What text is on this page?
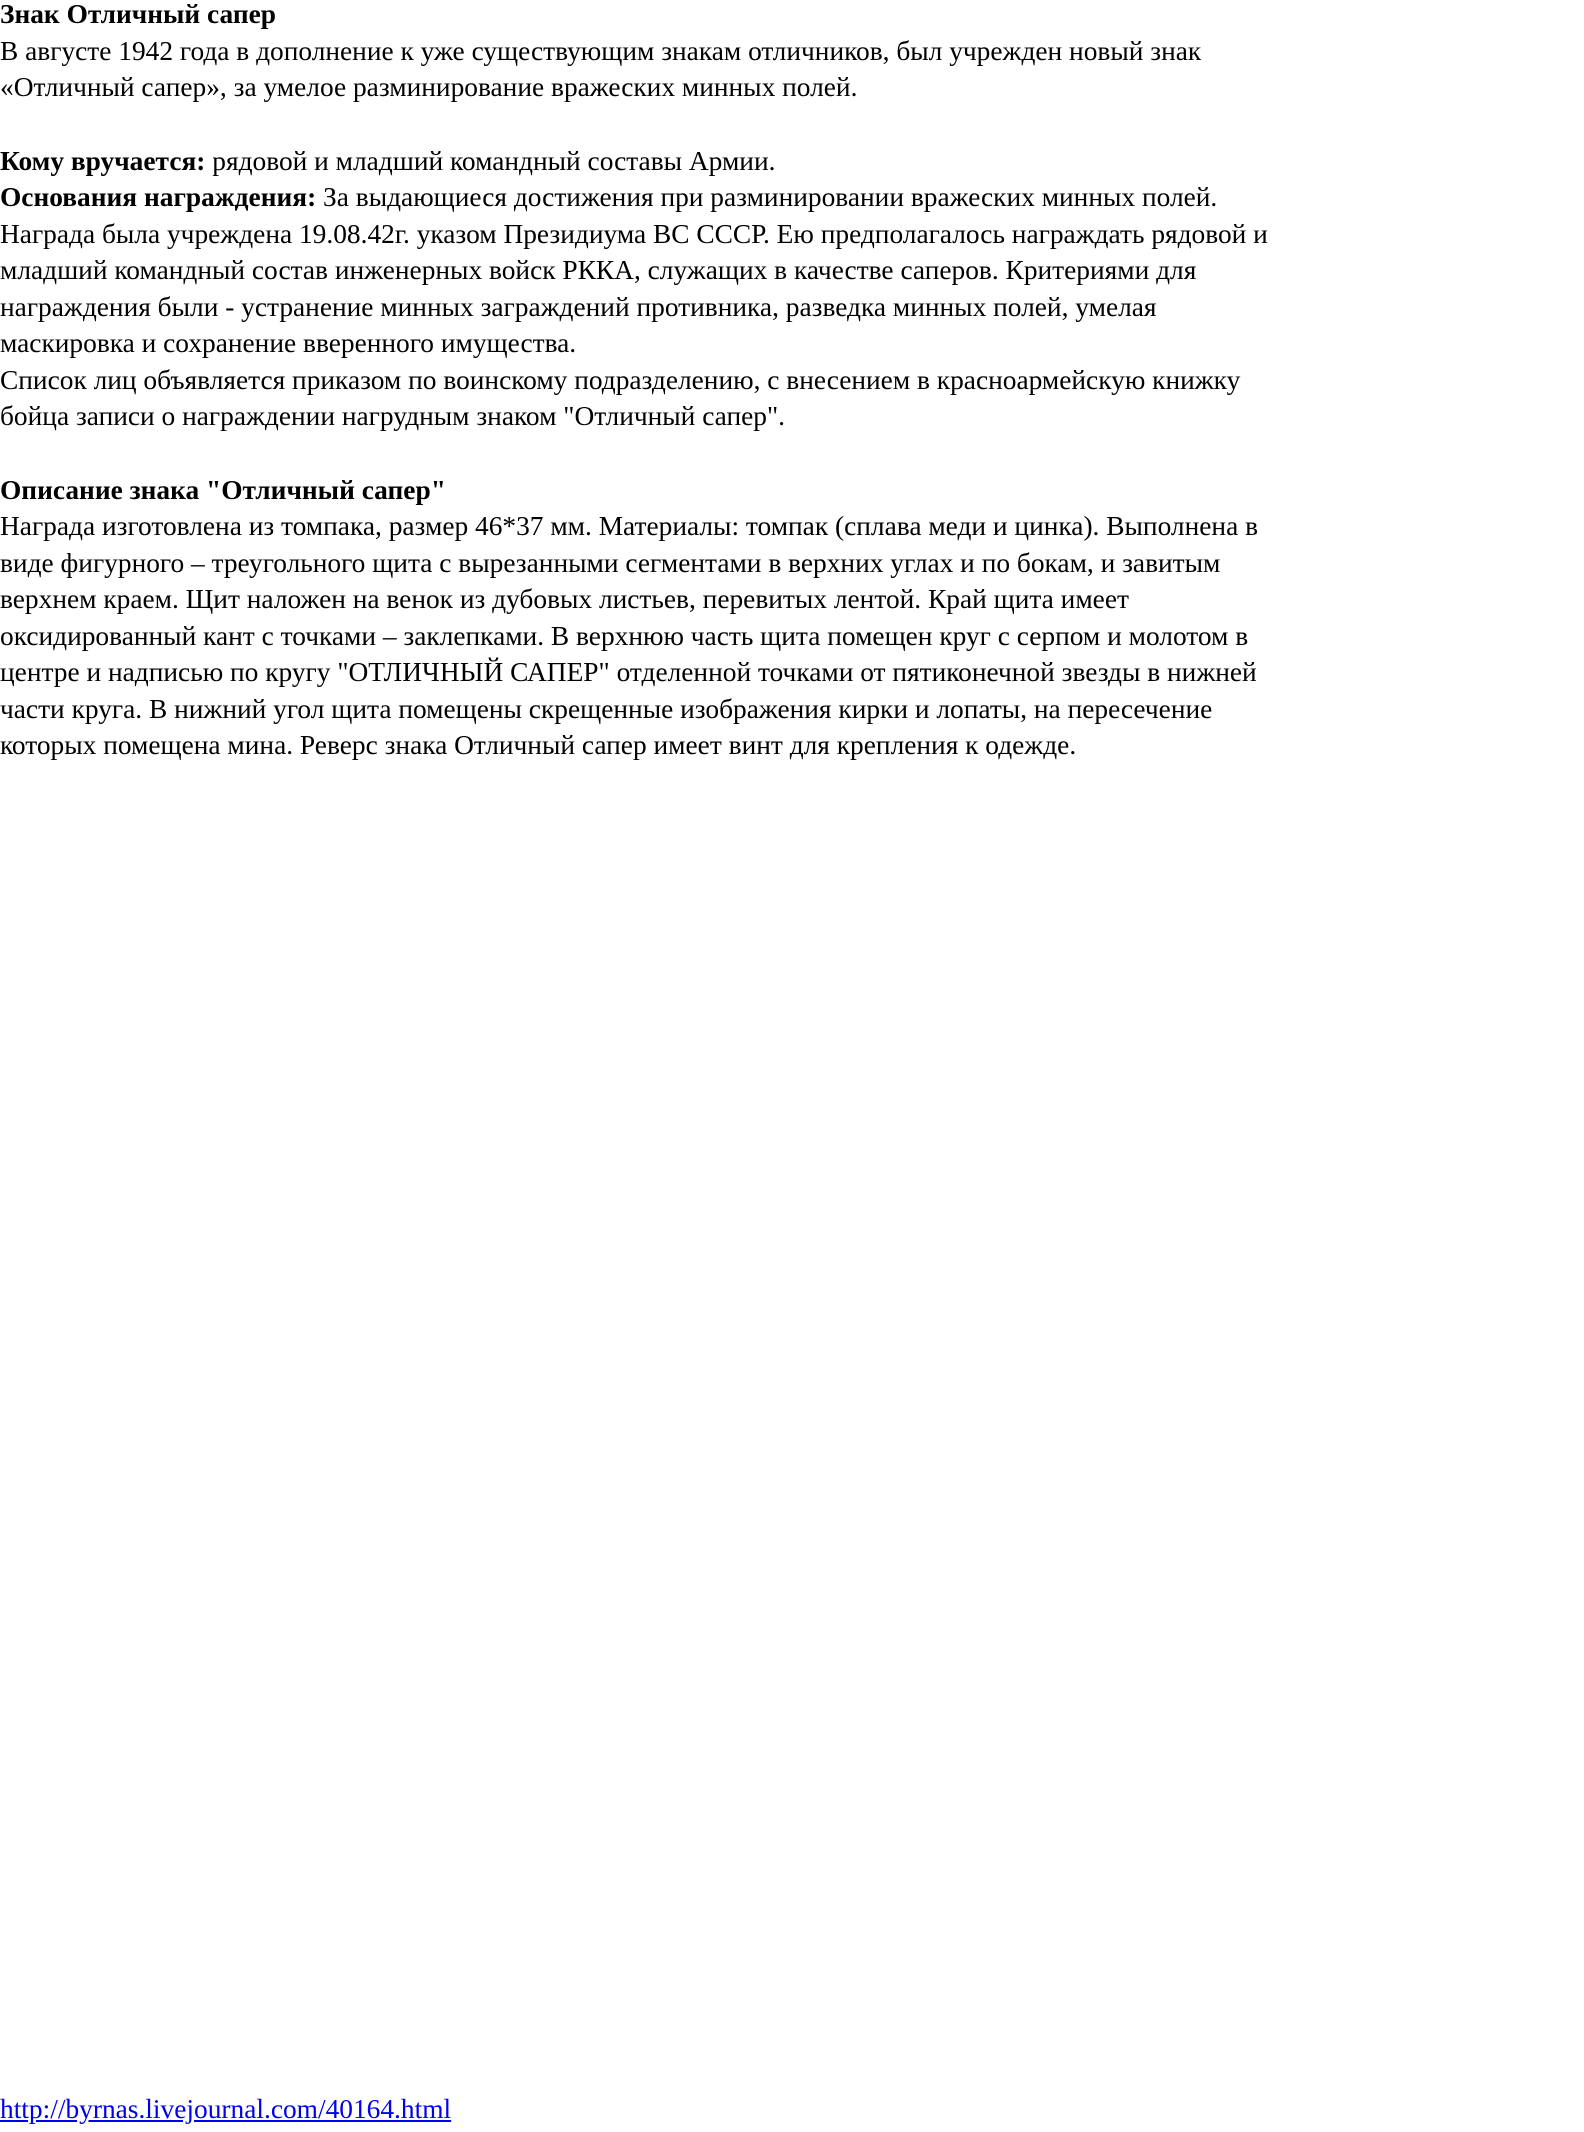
Знак Отличный сапер
В августе 1942 года в дополнение к уже существующим знакам отличников, был учрежден новый знак
«Отличный сапер», за умелое разминирование вражеских минных полей.
Кому вручается: рядовой и младший командный составы Армии.
Основания награждения: За выдающиеся достижения при разминировании вражеских минных полей.
Награда была учреждена 19.08.42г. указом Президиума ВС СССР. Ею предполагалось награждать рядовой и
младший командный состав инженерных войск РККА, служащих в качестве саперов. Критериями для
награждения были - устранение минных заграждений противника, разведка минных полей, умелая
маскировка и сохранение вверенного имущества.
Список лиц объявляется приказом по воинскому подразделению, с внесением в красноармейскую книжку
бойца записи о награждении нагрудным знаком "Отличный сапер".
Описание знака "Отличный сапер"
Награда изготовлена из томпака, размер 46*37 мм. Материалы: томпак (сплава меди и цинка). Выполнена в
виде фигурного – треугольного щита с вырезанными сегментами в верхних углах и по бокам, и завитым
верхнем краем. Щит наложен на венок из дубовых листьев, перевитых лентой. Край щита имеет
оксидированный кант с точками – заклепками. В верхнюю часть щита помещен круг с серпом и молотом в
центре и надписью по кругу "ОТЛИЧНЫЙ САПЕР" отделенной точками от пятиконечной звезды в нижней
части круга. В нижний угол щита помещены скрещенные изображения кирки и лопаты, на пересечение
которых помещена мина. Реверс знака Отличный сапер имеет винт для крепления к одежде.
http://byrnas.livejournal.com/40164.html
